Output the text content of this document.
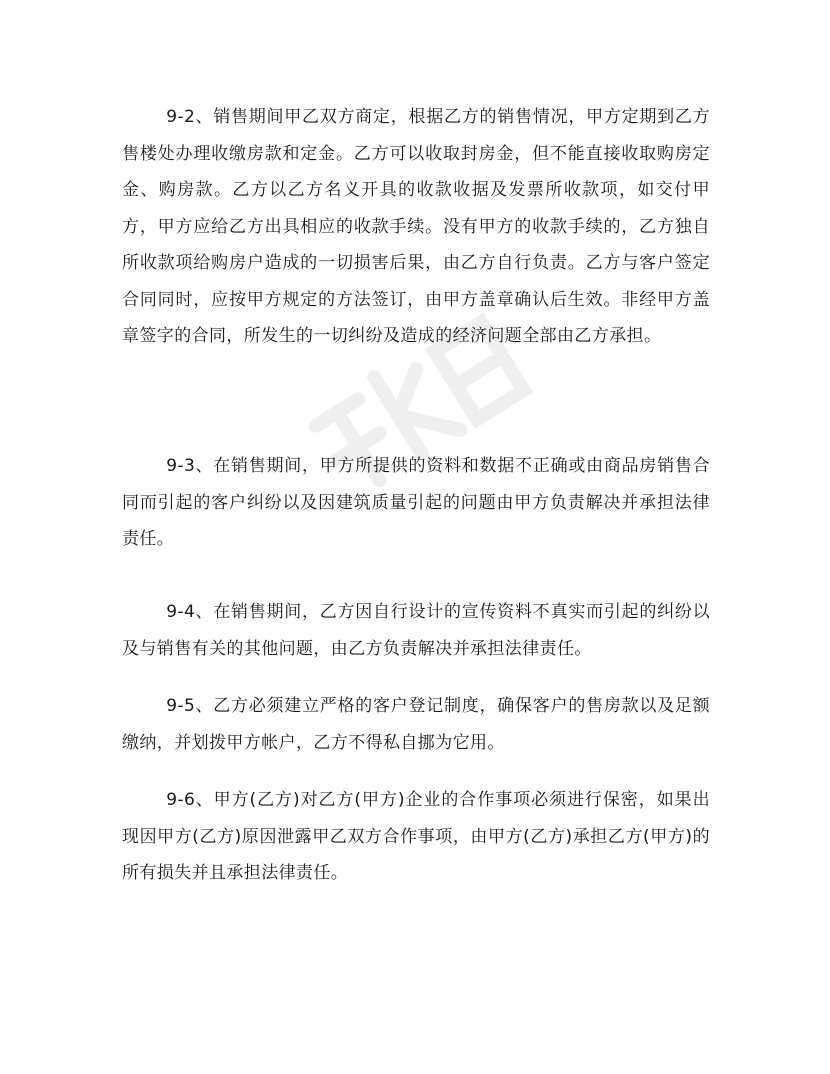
9-2、销售期间甲乙双方商定，根据乙方的销售情况，甲方定期到乙方售楼处办理收缴房款和定金。乙方可以收取封房金，但不能直接收取购房定金、购房款。乙方以乙方名义开具的收款收据及发票所收款项，如交付甲方，甲方应给乙方出具相应的收款手续。没有甲方的收款手续的，乙方独自所收款项给购房户造成的一切损害后果，由乙方自行负责。乙方与客户签定合同同时，应按甲方规定的方法签订，由甲方盖章确认后生效。非经甲方盖章签字的合同，所发生的一切纠纷及造成的经济问题全部由乙方承担。

9-3、在销售期间，甲方所提供的资料和数据不正确或由商品房销售合同而引起的客户纠纷以及因建筑质量引起的问题由甲方负责解决并承担法律责任。

9-4、在销售期间，乙方因自行设计的宣传资料不真实而引起的纠纷以及与销售有关的其他问题，由乙方负责解决并承担法律责任。

9-5、乙方必须建立严格的客户登记制度，确保客户的售房款以及足额缴纳，并划拨甲方帐户，乙方不得私自挪为它用。

9-6、甲方(乙方)对乙方(甲方)企业的合作事项必须进行保密，如果出现因甲方(乙方)原因泄露甲乙双方合作事项，由甲方(乙方)承担乙方(甲方)的所有损失并且承担法律责任。
